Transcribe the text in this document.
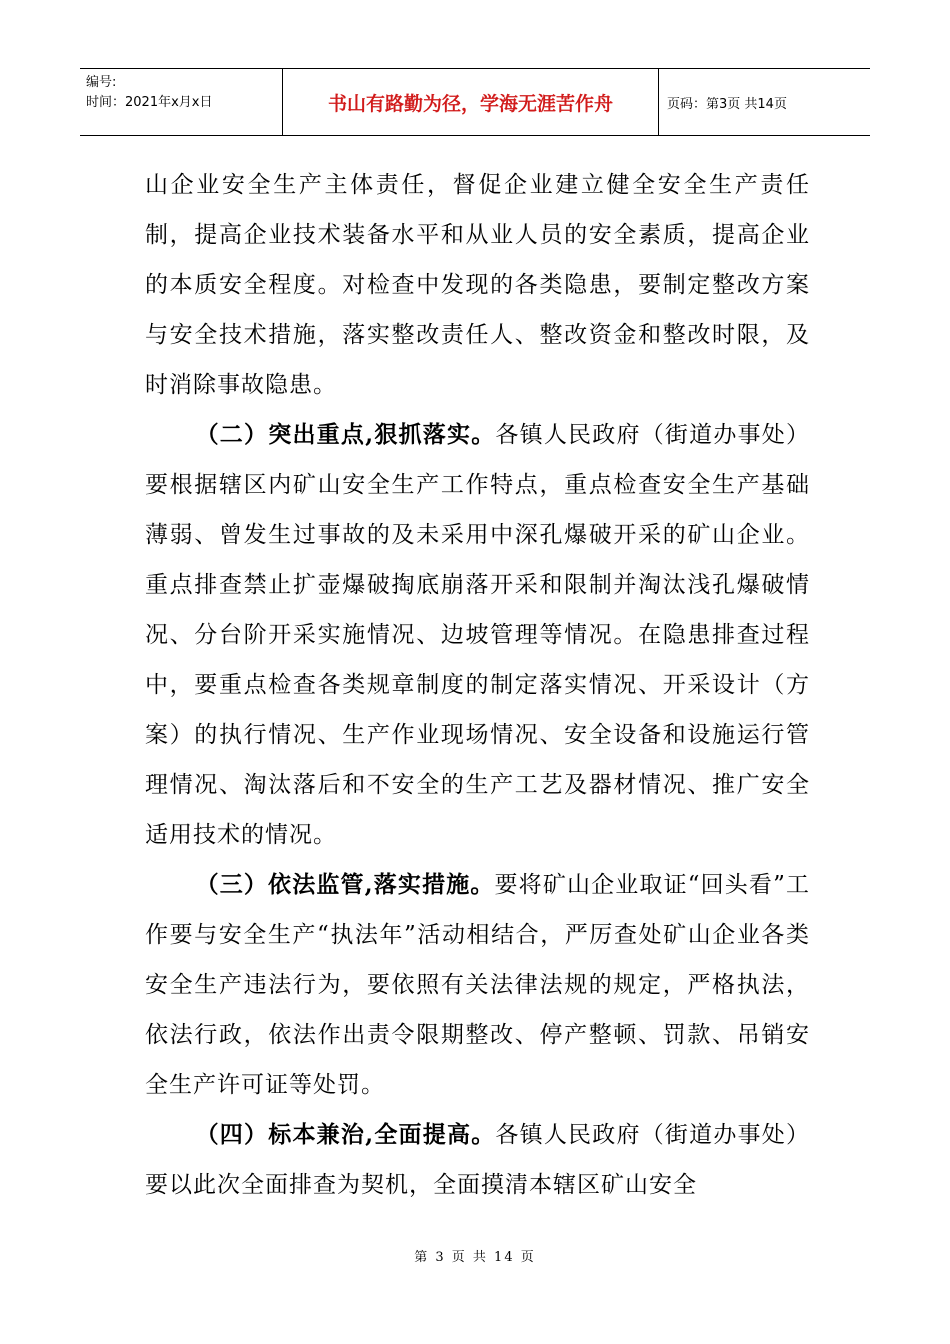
编号:
时间：2021年x月x日	书山有路勤为径，学海无涯苦作舟	页码：第3页 共14页

山企业安全生产主体责任，督促企业建立健全安全生产责任制，提高企业技术装备水平和从业人员的安全素质，提高企业的本质安全程度。对检查中发现的各类隐患，要制定整改方案与安全技术措施，落实整改责任人、整改资金和整改时限，及时消除事故隐患。

（二）突出重点,狠抓落实。各镇人民政府（街道办事处）要根据辖区内矿山安全生产工作特点，重点检查安全生产基础薄弱、曾发生过事故的及未采用中深孔爆破开采的矿山企业。重点排查禁止扩壶爆破掏底崩落开采和限制并淘汰浅孔爆破情况、分台阶开采实施情况、边坡管理等情况。在隐患排查过程中，要重点检查各类规章制度的制定落实情况、开采设计（方案）的执行情况、生产作业现场情况、安全设备和设施运行管理情况、淘汰落后和不安全的生产工艺及器材情况、推广安全适用技术的情况。

（三）依法监管,落实措施。要将矿山企业取证“回头看”工作要与安全生产“执法年”活动相结合，严厉查处矿山企业各类安全生产违法行为，要依照有关法律法规的规定，严格执法，依法行政，依法作出责令限期整改、停产整顿、罚款、吊销安全生产许可证等处罚。

（四）标本兼治,全面提高。各镇人民政府（街道办事处）要以此次全面排查为契机，全面摸清本辖区矿山安全

第 3 页 共 14 页
